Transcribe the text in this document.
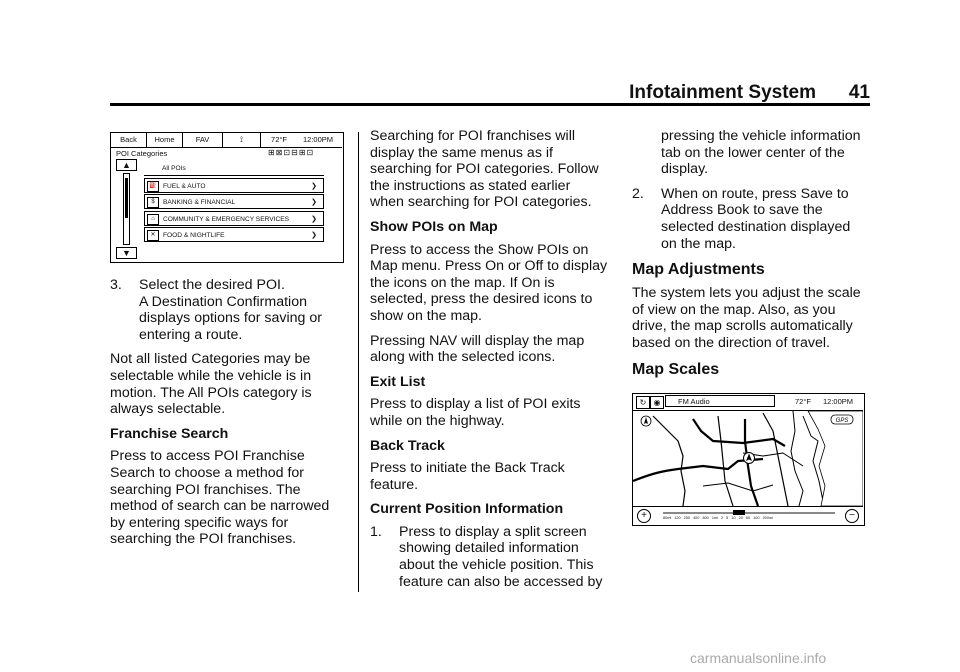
Infotainment System	41
Back	Home	FAV	⟟	72°F	12:00PM
POI Categories	⊞⊠⊡⊟⊞⊡
▲
▼
All POIs
⛽ FUEL & AUTO	❯
$	BANKING & FINANCIAL	❯
⌂	COMMUNITY & EMERGENCY SERVICES	❯
✕	FOOD & NIGHTLIFE	❯
3. Select the desired POI.
A Destination Confirmation displays options for saving or entering a route.

Not all listed Categories may be selectable while the vehicle is in motion. The All POIs category is always selectable.

Franchise Search

Press to access POI Franchise Search to choose a method for searching POI franchises. The method of search can be narrowed by entering specific ways for searching the POI franchises.

Searching for POI franchises will display the same menus as if searching for POI categories. Follow the instructions as stated earlier when searching for POI categories.

Show POIs on Map

Press to access the Show POIs on Map menu. Press On or Off to display the icons on the map. If On is selected, press the desired icons to show on the map.

Pressing NAV will display the map along with the selected icons.

Exit List

Press to display a list of POI exits while on the highway.

Back Track

Press to initiate the Back Track feature.

Current Position Information
1. Press to display a split screen showing detailed information about the vehicle position. This feature can also be accessed by
pressing the vehicle information tab on the lower center of the display.
2. When on route, press Save to Address Book to save the selected destination displayed on the map.
Map Adjustments

The system lets you adjust the scale of view on the map. Also, as you drive, the map scrolls automatically based on the direction of travel.

Map Scales
↻ ◉	FM Audio	72°F 12:00PM
GPS
+	80mi 120 250 400 800 1mi 2 5 10 20 50 100 200mi	−
carmanualsonline.info
